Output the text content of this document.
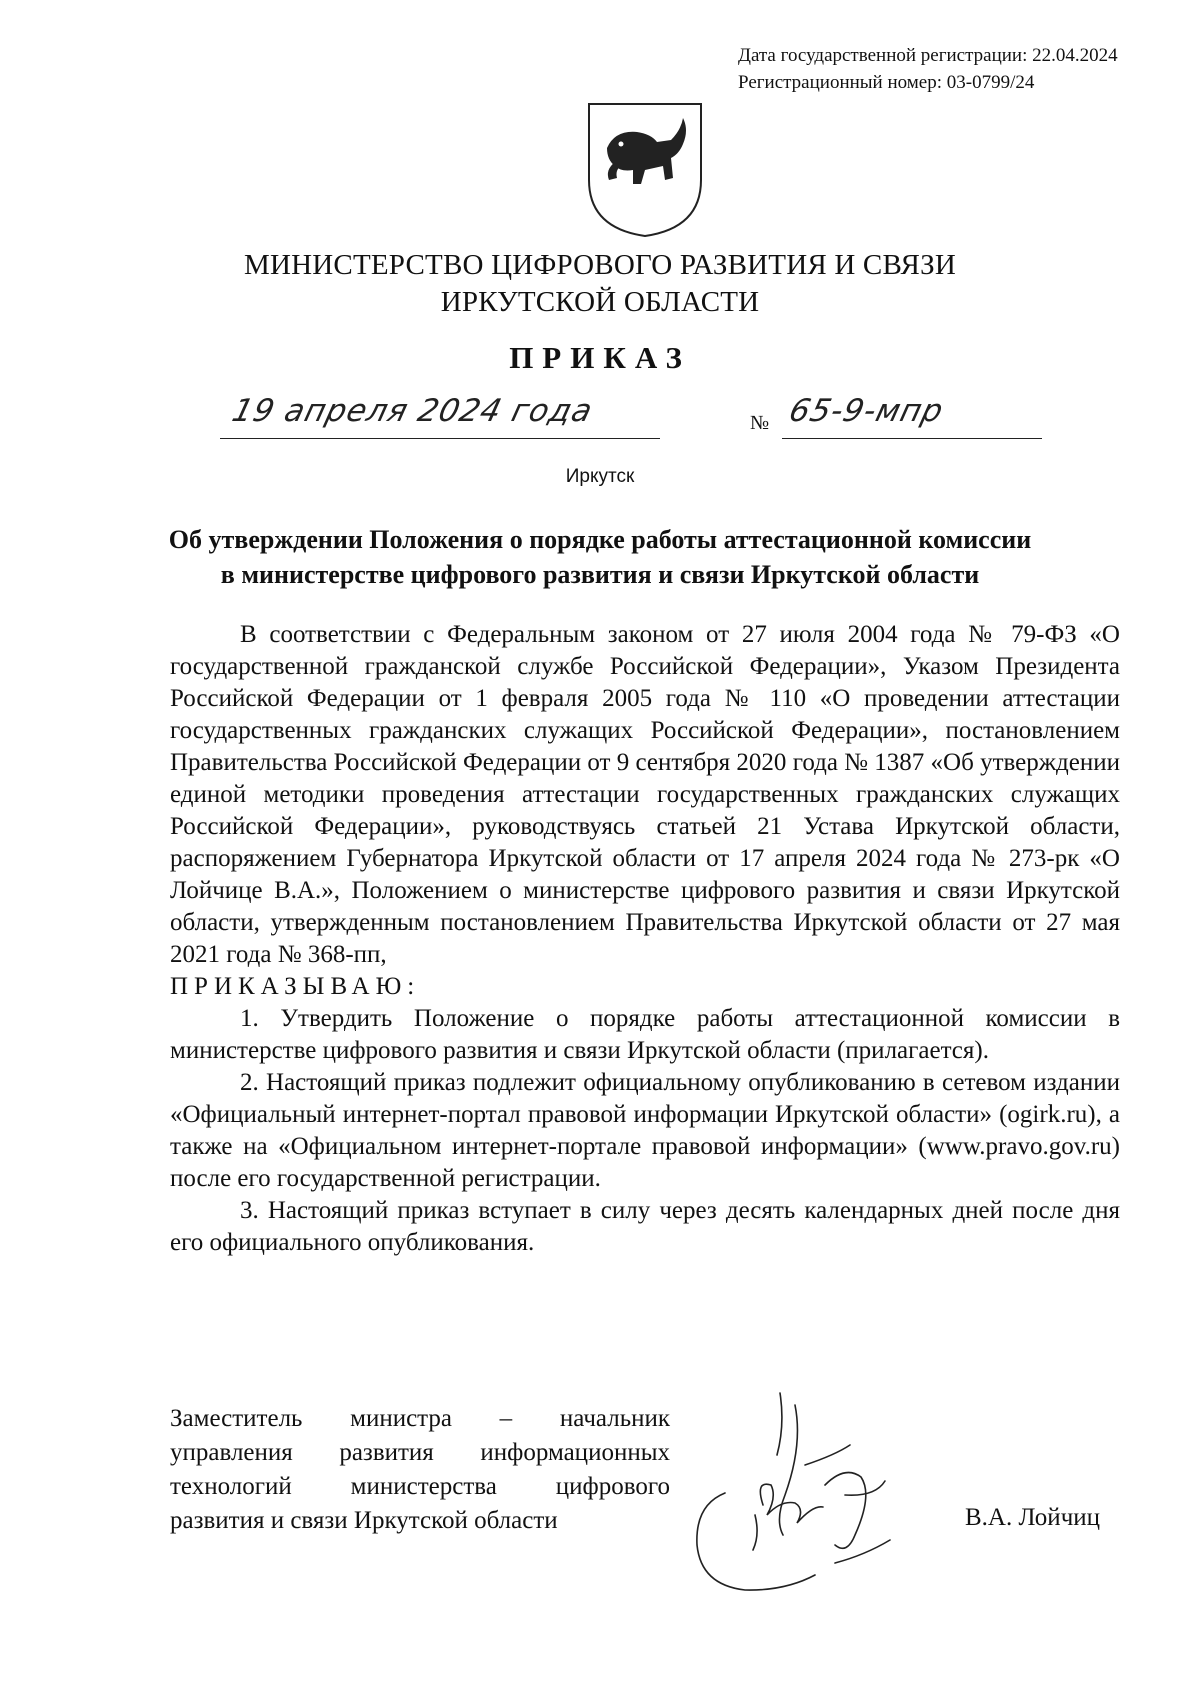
Дата государственной регистрации: 22.04.2024
Регистрационный номер: 03-0799/24
МИНИСТЕРСТВО ЦИФРОВОГО РАЗВИТИЯ И СВЯЗИ
ИРКУТСКОЙ ОБЛАСТИ
ПРИКАЗ
19 апреля 2024 года	№ 65-9-мпр
Иркутск
Об утверждении Положения о порядке работы аттестационной комиссии
в министерстве цифрового развития и связи Иркутской области

В соответствии с Федеральным законом от 27 июля 2004 года № 79-ФЗ «О государственной гражданской службе Российской Федерации», Указом Президента Российской Федерации от 1 февраля 2005 года № 110 «О проведении аттестации государственных гражданских служащих Российской Федерации», постановлением Правительства Российской Федерации от 9 сентября 2020 года № 1387 «Об утверждении единой методики проведения аттестации государственных гражданских служащих Российской Федерации», руководствуясь статьей 21 Устава Иркутской области, распоряжением Губернатора Иркутской области от 17 апреля 2024 года № 273-рк «О Лойчице В.А.», Положением о министерстве цифрового развития и связи Иркутской области, утвержденным постановлением Правительства Иркутской области от 27 мая 2021 года № 368-пп,

ПРИКАЗЫВАЮ:

1. Утвердить Положение о порядке работы аттестационной комиссии в министерстве цифрового развития и связи Иркутской области (прилагается).

2. Настоящий приказ подлежит официальному опубликованию в сетевом издании «Официальный интернет-портал правовой информации Иркутской области» (ogirk.ru), а также на «Официальном интернет-портале правовой информации» (www.pravo.gov.ru) после его государственной регистрации.

3. Настоящий приказ вступает в силу через десять календарных дней после дня его официального опубликования.

Заместитель министра – начальник управления развития информационных технологий министерства цифрового
развития и связи Иркутской области	В.А. Лойчиц
